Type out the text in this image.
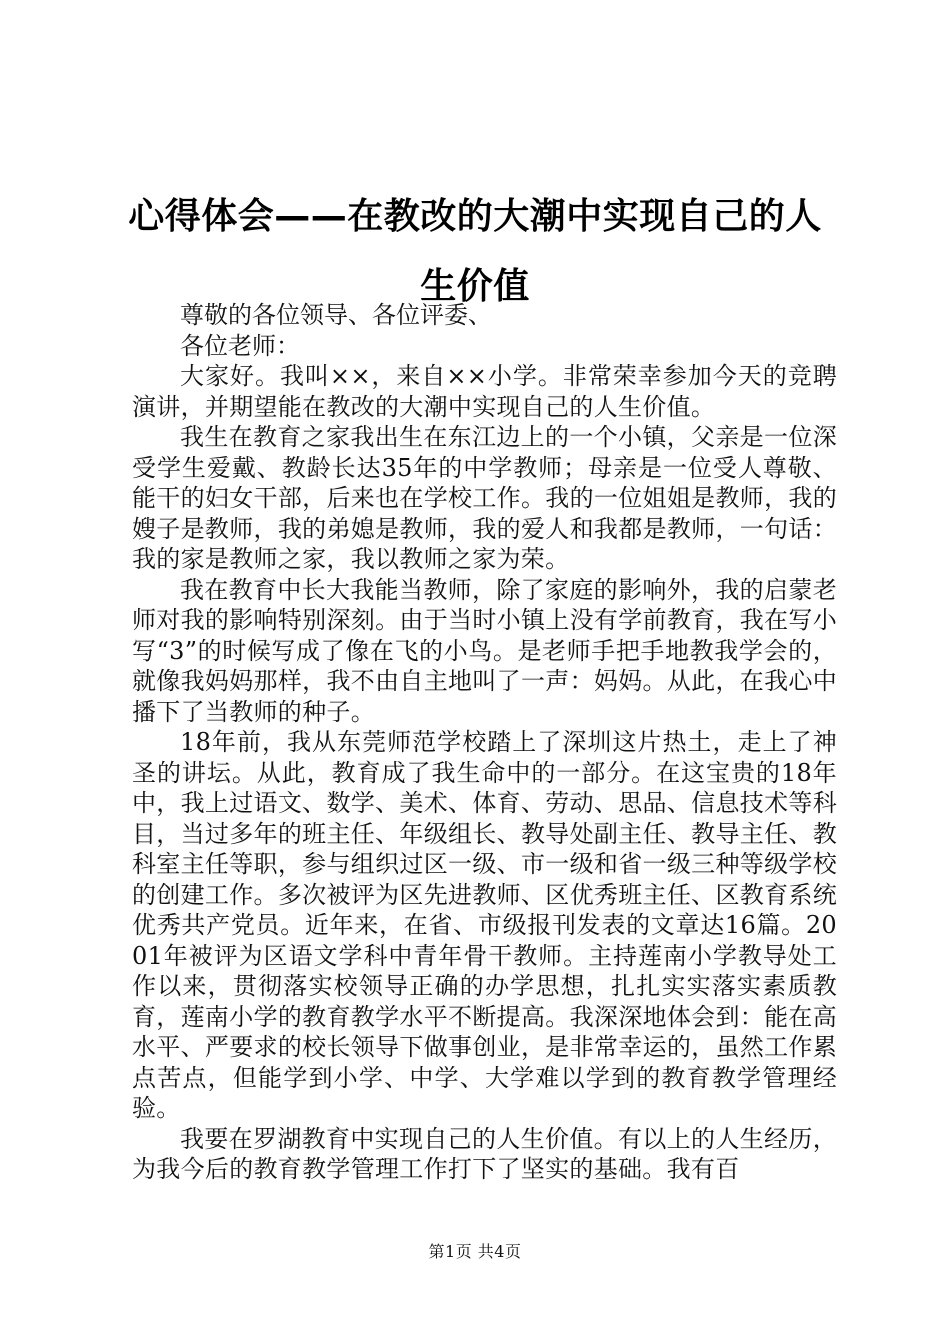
心得体会——在教改的大潮中实现自己的人生价值

尊敬的各位领导、各位评委、

各位老师：

大家好。我叫××，来自××小学。非常荣幸参加今天的竞聘演讲，并期望能在教改的大潮中实现自己的人生价值。

我生在教育之家我出生在东江边上的一个小镇，父亲是一位深受学生爱戴、教龄长达35年的中学教师；母亲是一位受人尊敬、能干的妇女干部，后来也在学校工作。我的一位姐姐是教师，我的嫂子是教师，我的弟媳是教师，我的爱人和我都是教师，一句话：我的家是教师之家，我以教师之家为荣。

我在教育中长大我能当教师，除了家庭的影响外，我的启蒙老师对我的影响特别深刻。由于当时小镇上没有学前教育，我在写小写“3”的时候写成了像在飞的小鸟。是老师手把手地教我学会的，就像我妈妈那样，我不由自主地叫了一声：妈妈。从此，在我心中播下了当教师的种子。

18年前，我从东莞师范学校踏上了深圳这片热土，走上了神圣的讲坛。从此，教育成了我生命中的一部分。在这宝贵的18年中，我上过语文、数学、美术、体育、劳动、思品、信息技术等科目，当过多年的班主任、年级组长、教导处副主任、教导主任、教科室主任等职，参与组织过区一级、市一级和省一级三种等级学校的创建工作。多次被评为区先进教师、区优秀班主任、区教育系统优秀共产党员。近年来，在省、市级报刊发表的文章达16篇。2001年被评为区语文学科中青年骨干教师。主持莲南小学教导处工作以来，贯彻落实校领导正确的办学思想，扎扎实实落实素质教育，莲南小学的教育教学水平不断提高。我深深地体会到：能在高水平、严要求的校长领导下做事创业，是非常幸运的，虽然工作累点苦点，但能学到小学、中学、大学难以学到的教育教学管理经验。

我要在罗湖教育中实现自己的人生价值。有以上的人生经历，为我今后的教育教学管理工作打下了坚实的基础。我有百

第1页 共4页
